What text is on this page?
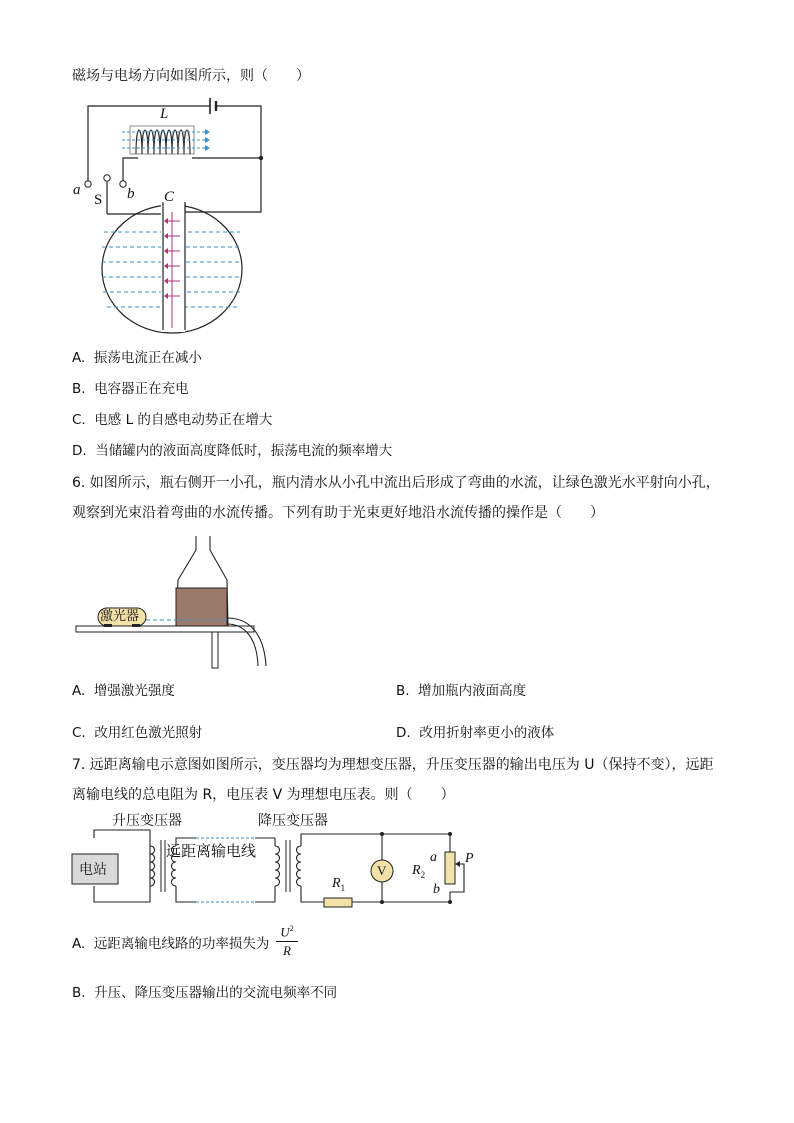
磁场与电场方向如图所示，则（　　）
L
C
a	b
S
A. 振荡电流正在减小
B. 电容器正在充电
C. 电感 L 的自感电动势正在增大
D. 当储罐内的液面高度降低时，振荡电流的频率增大
6. 如图所示，瓶右侧开一小孔，瓶内清水从小孔中流出后形成了弯曲的水流，让绿色激光水平射向小孔，
观察到光束沿着弯曲的水流传播。下列有助于光束更好地沿水流传播的操作是（　　）
激光器
A. 增强激光强度	B. 增加瓶内液面高度
C. 改用红色激光照射	D. 改用折射率更小的液体
7. 远距离输电示意图如图所示，变压器均为理想变压器，升压变压器的输出电压为 U（保持不变），远距
离输电线的总电阻为 R，电压表 V 为理想电压表。则（　　）
升压变压器	降压变压器
电站
远距离输电线
V
$R_1$
$R_2$
a
b
P
A. 远距离输电线路的功率损失为
$U^2$
R
B. 升压、降压变压器输出的交流电频率不同
